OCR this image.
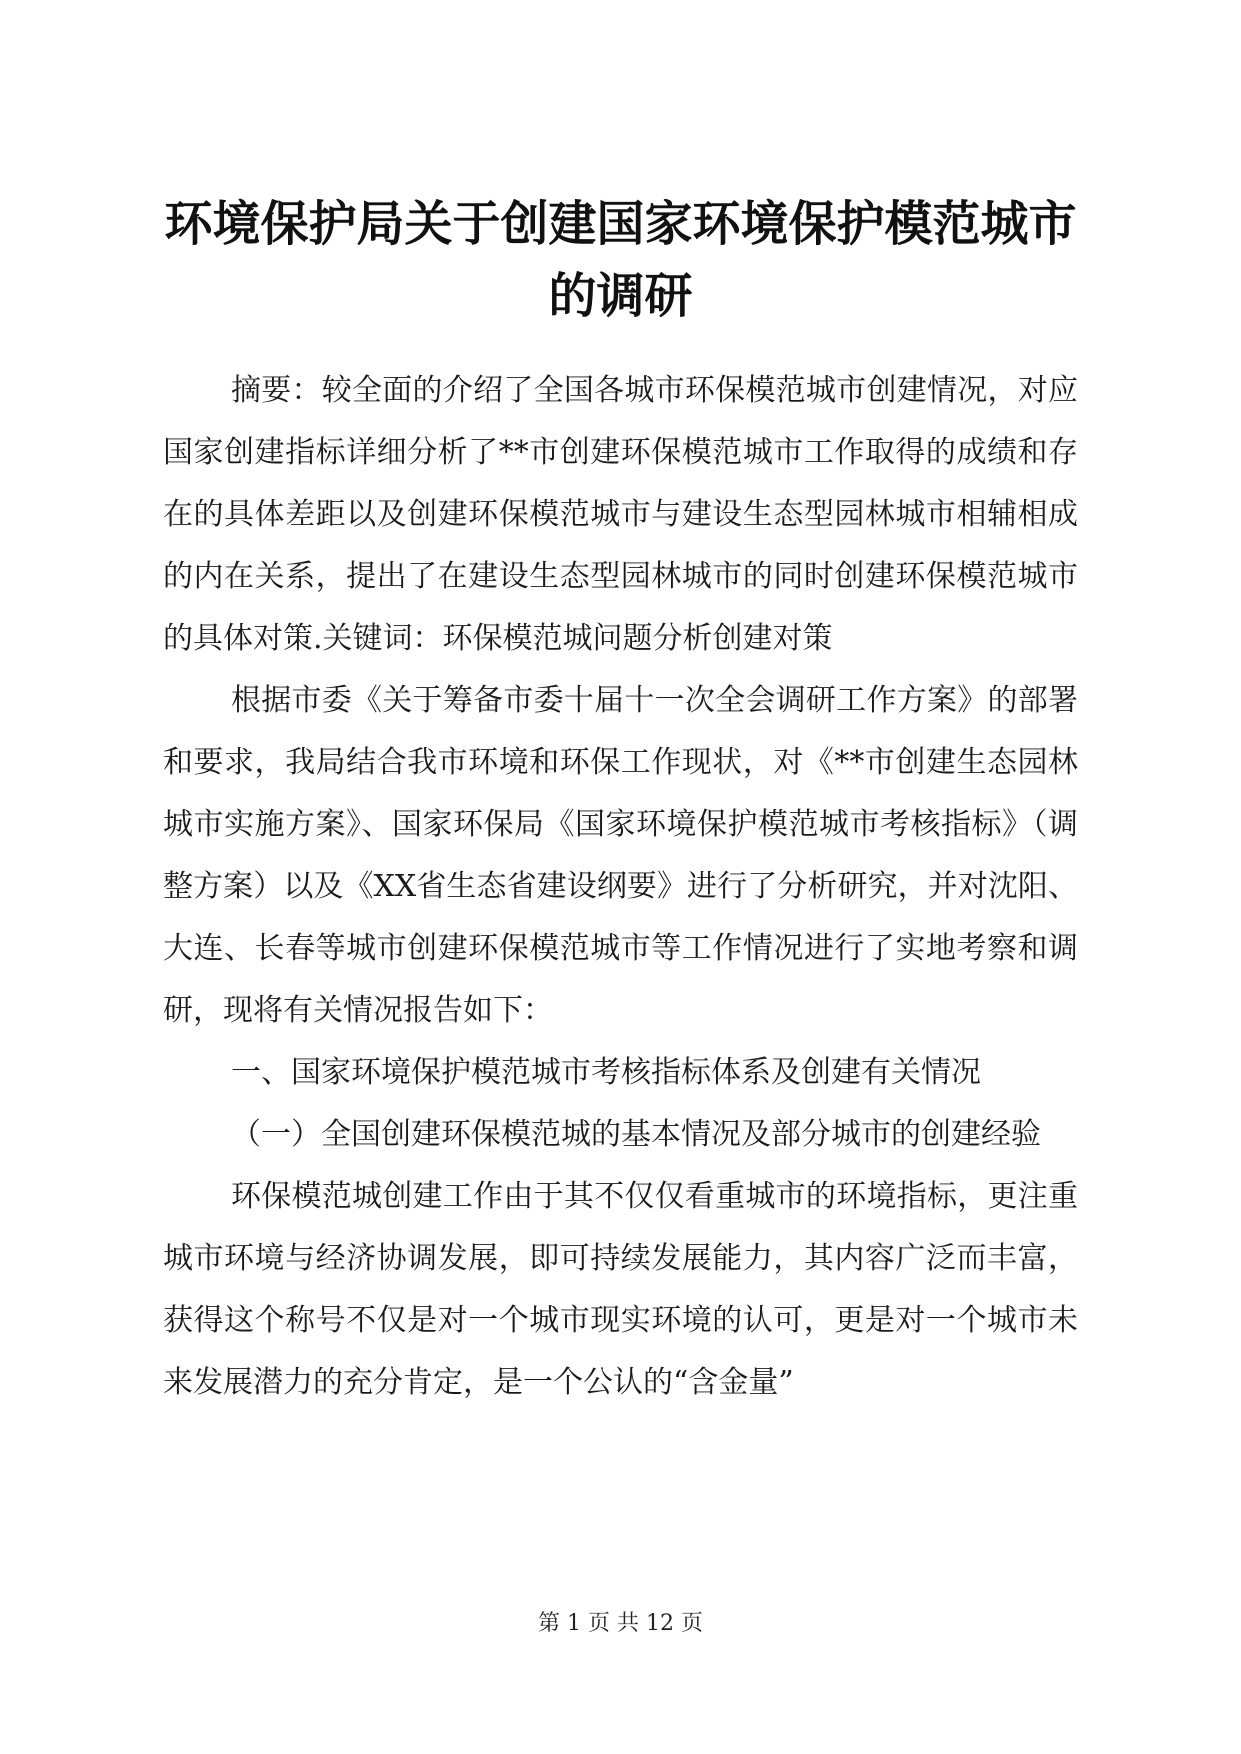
环境保护局关于创建国家环境保护模范城市的调研

摘要：较全面的介绍了全国各城市环保模范城市创建情况，对应国家创建指标详细分析了**市创建环保模范城市工作取得的成绩和存在的具体差距以及创建环保模范城市与建设生态型园林城市相辅相成的内在关系，提出了在建设生态型园林城市的同时创建环保模范城市的具体对策.关键词：环保模范城问题分析创建对策

根据市委《关于筹备市委十届十一次全会调研工作方案》的部署和要求，我局结合我市环境和环保工作现状，对《**市创建生态园林城市实施方案》、国家环保局《国家环境保护模范城市考核指标》（调整方案）以及《XX省生态省建设纲要》进行了分析研究，并对沈阳、大连、长春等城市创建环保模范城市等工作情况进行了实地考察和调研，现将有关情况报告如下：

一、国家环境保护模范城市考核指标体系及创建有关情况

（一）全国创建环保模范城的基本情况及部分城市的创建经验

环保模范城创建工作由于其不仅仅看重城市的环境指标，更注重城市环境与经济协调发展，即可持续发展能力，其内容广泛而丰富，获得这个称号不仅是对一个城市现实环境的认可，更是对一个城市未来发展潜力的充分肯定，是一个公认的“含金量”

第 1 页 共 12 页
